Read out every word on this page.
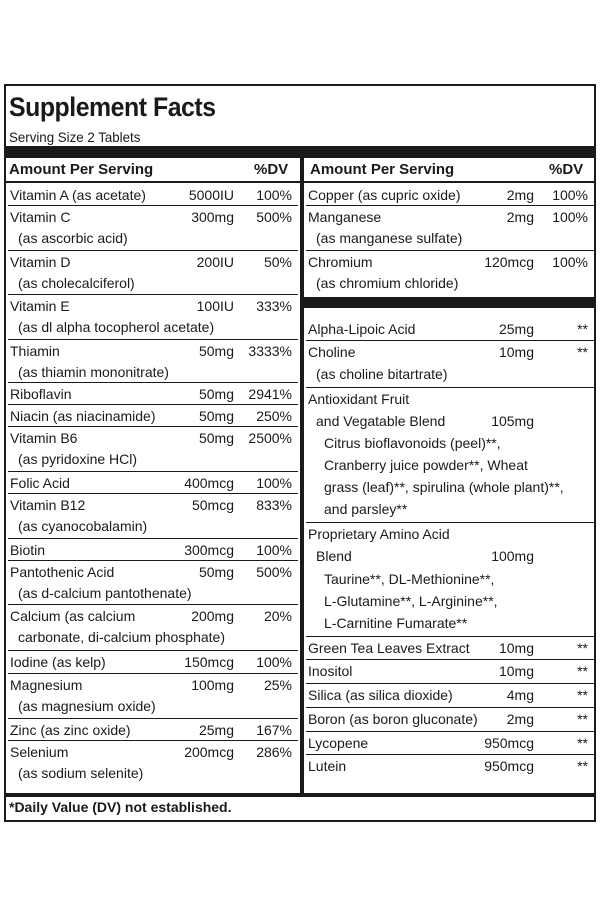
Supplement Facts
Serving Size 2 Tablets
Amount Per Serving	%DV Amount Per Serving	%DV
Alpha-Lipoic Acid	25mg	**
Choline	10mg	**
(as choline bitartrate)
Antioxidant Fruit
and Vegatable Blend	105mg
Citrus bioflavonoids (peel)**,
Cranberry juice powder**, Wheat
grass (leaf)**, spirulina (whole plant)**,
and parsley**
Proprietary Amino Acid
Blend	100mg
Taurine**, DL-Methionine**,
L-Glutamine**, L-Arginine**,
L-Carnitine Fumarate**
*Daily Value (DV) not established.
Vitamin A (as acetate)	5000IU 100%
Vitamin C	300mg 500%
(as ascorbic acid)
Vitamin D	200IU 50%
(as cholecalciferol)
Vitamin E	100IU 333%
(as dl alpha tocopherol acetate)
Thiamin	50mg 3333%
(as thiamin mononitrate)
Riboflavin	50mg 2941%
Niacin (as niacinamide)	50mg 250%
Vitamin B6	50mg 2500%
(as pyridoxine HCl)
Folic Acid	400mcg 100%
Vitamin B12	50mcg 833%
(as cyanocobalamin)
Biotin	300mcg 100%
Pantothenic Acid	50mg 500%
(as d-calcium pantothenate)
Calcium (as calcium	200mg 20%
carbonate, di-calcium phosphate)
Iodine (as kelp)	150mcg 100%
Magnesium	100mg 25%
(as magnesium oxide)
Zinc (as zinc oxide)	25mg 167%
Selenium	200mcg 286%
(as sodium selenite)
Copper (as cupric oxide)	2mg 100%
Manganese	2mg 100%
(as manganese sulfate)
Chromium	120mcg 100%
(as chromium chloride)
Green Tea Leaves Extract 10mg	**
Inositol	10mg	**
Silica (as silica dioxide)	4mg	**
Boron (as boron gluconate) 2mg	**
Lycopene	950mcg	**
Lutein	950mcg	**
